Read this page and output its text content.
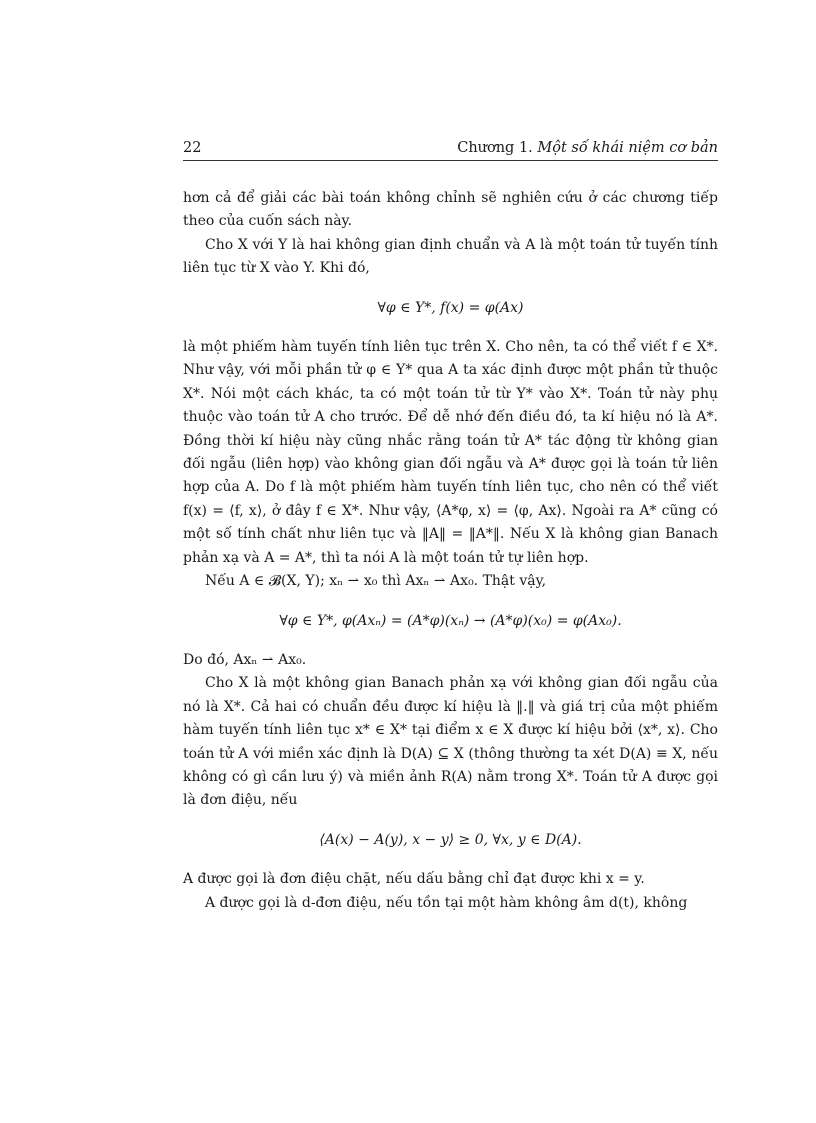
22	Chương 1. Một số khái niệm cơ bản

hơn cả để giải các bài toán không chỉnh sẽ nghiên cứu ở các chương tiếp theo của cuốn sách này.

Cho X với Y là hai không gian định chuẩn và A là một toán tử tuyến tính liên tục từ X vào Y. Khi đó,

∀φ ∈ Y*, f(x) = φ(Ax)

là một phiếm hàm tuyến tính liên tục trên X. Cho nên, ta có thể viết f ∈ X*. Như vậy, với mỗi phần tử φ ∈ Y* qua A ta xác định được một phần tử thuộc X*. Nói một cách khác, ta có một toán tử từ Y* vào X*. Toán tử này phụ thuộc vào toán tử A cho trước. Để dễ nhớ đến điều đó, ta kí hiệu nó là A*. Đồng thời kí hiệu này cũng nhắc rằng toán tử A* tác động từ không gian đối ngẫu (liên hợp) vào không gian đối ngẫu và A* được gọi là toán tử liên hợp của A. Do f là một phiếm hàm tuyến tính liên tục, cho nên có thể viết f(x) = ⟨f, x⟩, ở đây f ∈ X*. Như vậy, ⟨A*φ, x⟩ = ⟨φ, Ax⟩. Ngoài ra A* cũng có một số tính chất như liên tục và ‖A‖ = ‖A*‖. Nếu X là không gian Banach phản xạ và A = A*, thì ta nói A là một toán tử tự liên hợp.

Nếu A ∈ 𝓑(X, Y); xₙ ⇀ x₀ thì Axₙ ⇀ Ax₀. Thật vậy,

∀φ ∈ Y*, φ(Axₙ) = (A*φ)(xₙ) → (A*φ)(x₀) = φ(Ax₀).

Do đó, Axₙ ⇀ Ax₀.

Cho X là một không gian Banach phản xạ với không gian đối ngẫu của nó là X*. Cả hai có chuẩn đều được kí hiệu là ‖.‖ và giá trị của một phiếm hàm tuyến tính liên tục x* ∈ X* tại điểm x ∈ X được kí hiệu bởi ⟨x*, x⟩. Cho toán tử A với miền xác định là D(A) ⊆ X (thông thường ta xét D(A) ≡ X, nếu không có gì cần lưu ý) và miền ảnh R(A) nằm trong X*. Toán tử A được gọi là đơn điệu, nếu

⟨A(x) − A(y), x − y⟩ ≥ 0, ∀x, y ∈ D(A).

A được gọi là đơn điệu chặt, nếu dấu bằng chỉ đạt được khi x = y.

A được gọi là d-đơn điệu, nếu tồn tại một hàm không âm d(t), không
